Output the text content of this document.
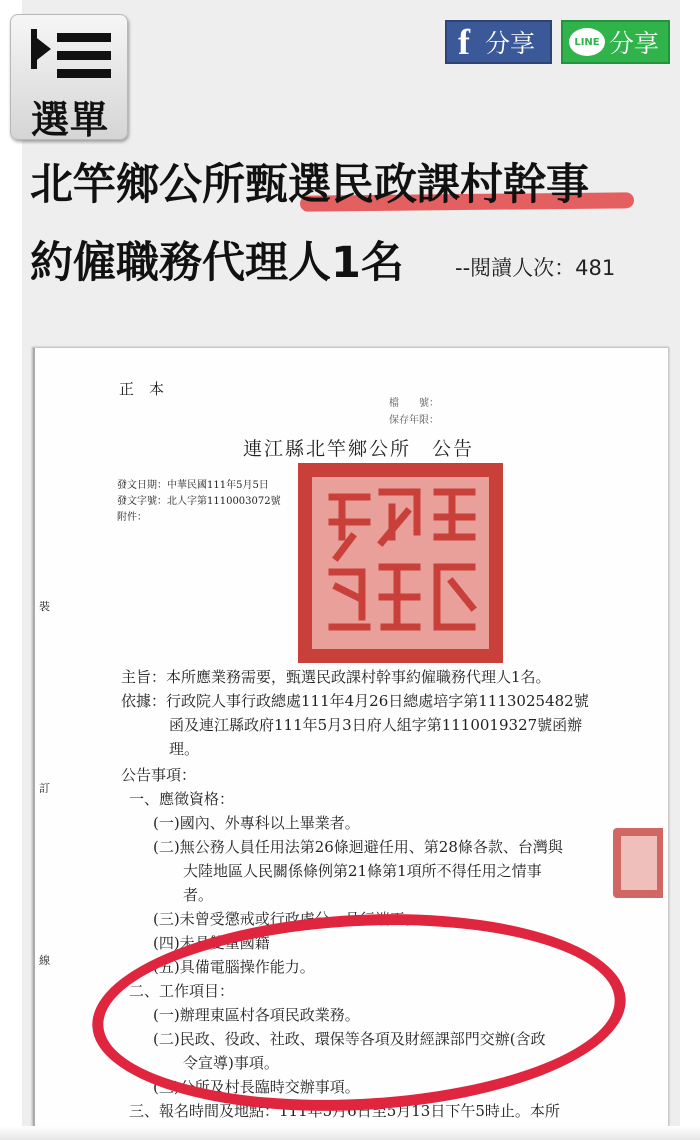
選單
f 分享	LINE 分享
北竿鄉公所甄選民政課村幹事
約僱職務代理人1名 --閱讀人次：481
正　本
檔　　號：
保存年限：
連江縣北竿鄉公所　公告
發文日期：中華民國111年5月5日
發文字號：北人字第1110003072號
附件：
裝
訂
線
主旨：本所應業務需要，甄選民政課村幹事約僱職務代理人1名。
依據：行政院人事行政總處111年4月26日總處培字第1113025482號
函及連江縣政府111年5月3日府人組字第1110019327號函辦
理。
公告事項：
一、應徵資格：
(一)國內、外專科以上畢業者。
(二)無公務人員任用法第26條迴避任用、第28條各款、台灣與
大陸地區人民關係條例第21條第1項所不得任用之情事
者。
(三)未曾受懲戒或行政處分，品行端正。
(四)未具雙重國籍
(五)具備電腦操作能力。
二、工作項目：
(一)辦理東區村各項民政業務。
(二)民政、役政、社政、環保等各項及財經課部門交辦(含政
令宣導)事項。
(三)公所及村長臨時交辦事項。
三、報名時間及地點：111年5月6日至5月13日下午5時止。本所
